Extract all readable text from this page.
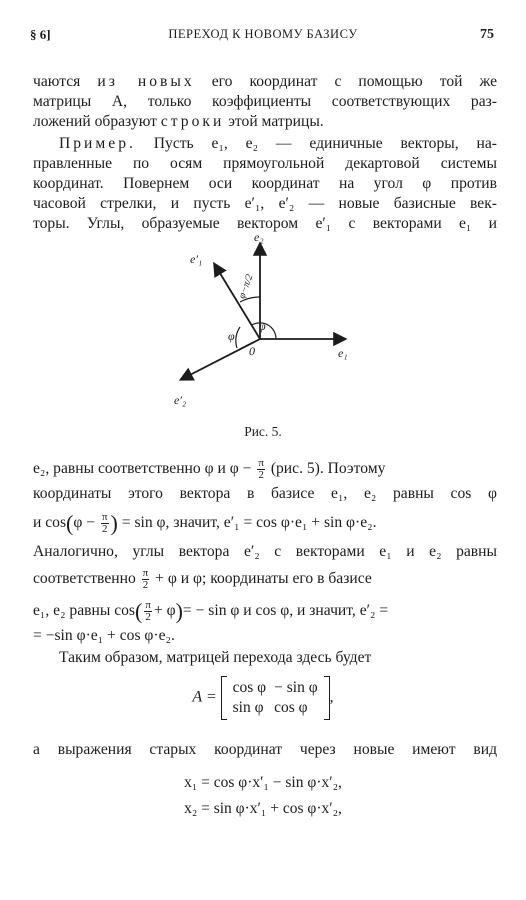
§ 6]	ПЕРЕХОД К НОВОМУ БАЗИСУ	75
чаются из новых его координат с помощью той же
матрицы A, только коэффициенты соответствующих раз-
ложений образуют строки этой матрицы.
Пример. Пусть e₁, e₂ — единичные векторы, на-
правленные по осям прямоугольной декартовой системы
координат. Повернем оси координат на угол φ против
часовой стрелки, и пусть e′₁, e′₂ — новые базисные век-
торы. Углы, образуемые вектором e′₁ с векторами e₁ и
e′₁
e₂
e₁
e′₂
0
φ
φ
φ−π/2
Рис. 5.
e₂, равны соответственно φ и $\varphi - \frac{\pi}{2} (рис$. 5). Поэтому
координаты этого вектора в базисе e₁, e₂ равны cos φ
и $\cos(\varphi - \frac{\pi}{2}$ ) = sin φ, значит, e′₁ = cos φ·e₁ + sin φ·e₂.
Аналогично, углы вектора e′₂ с векторами e₁ и e₂ равны
соответственно $\frac{\pi}{2} + \varphi$ и φ; координаты его в базисе
e₁, e₂ равны $\cos( \frac{\pi}{2} + \varphi)= - \sin \varphi$ и cos φ, и значит, e′₂ =
= −sin φ·e₁ + cos φ·e₂.
Таким образом, матрицей перехода здесь будет
A =
cos φ	− sin φ
sin φ	cos φ
,
а выражения старых координат через новые имеют вид
x₁ = cos φ·x′₁ − sin φ·x′₂,
x₂ = sin φ·x′₁ + cos φ·x′₂,
